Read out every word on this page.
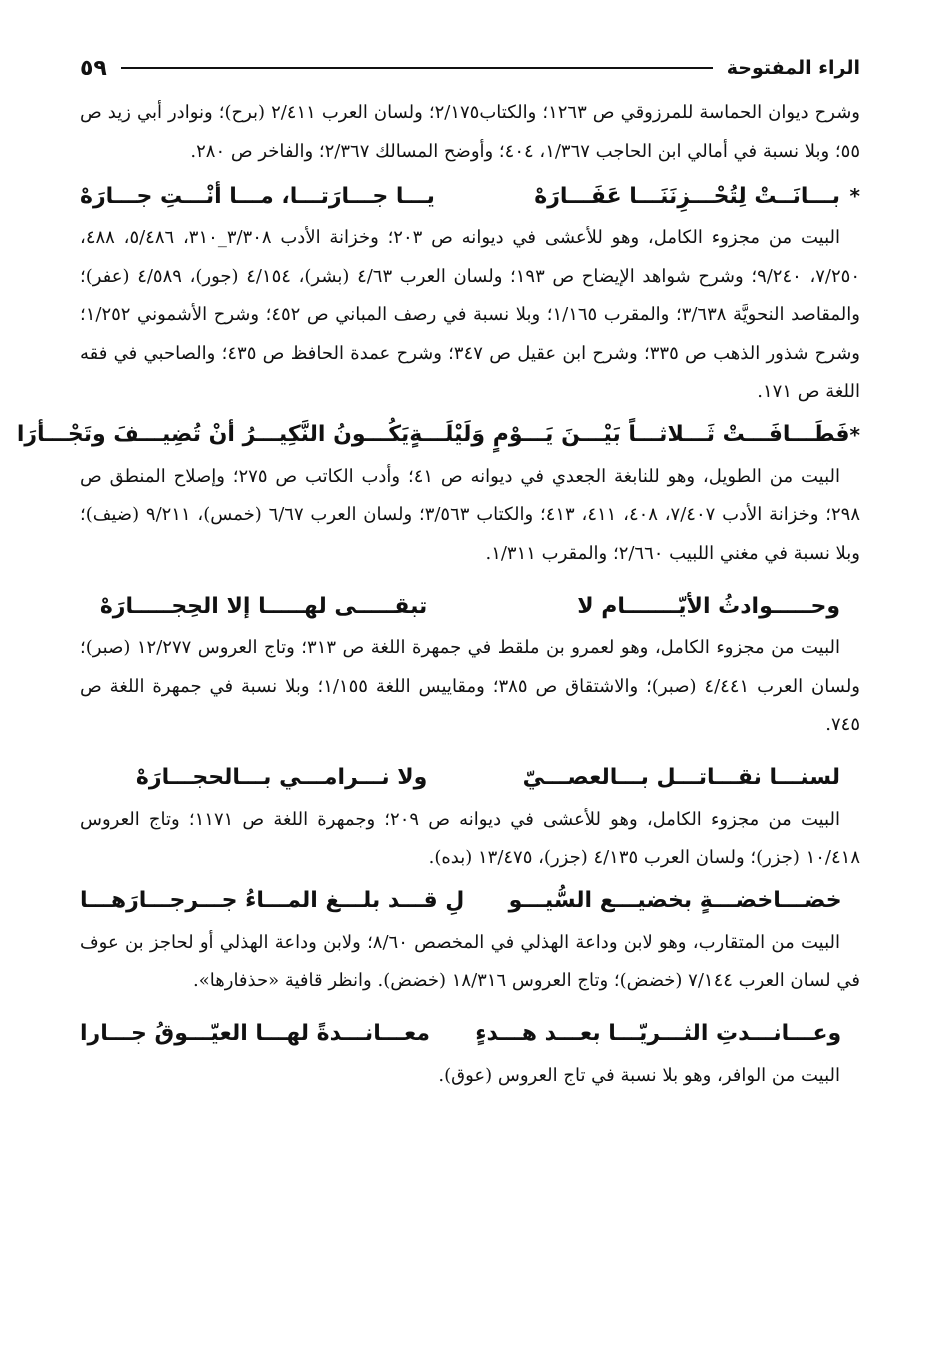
الراء المفتوحة
٥٩

وشرح ديوان الحماسة للمرزوقي ص ١٢٦٣؛ والكتاب٢/١٧٥؛ ولسان العرب ٢/٤١١ (برح)؛ ونوادر أبي زيد ص ٥٥؛ وبلا نسبة في أمالي ابن الحاجب ١/٣٦٧، ٤٠٤؛ وأوضح المسالك ٢/٣٦٧؛ والفاخر ص ٢٨٠.

*
بـــانَــتْ لِتُحْـــزِنَنَـــا عَفَـــارَهْ
يـــا جـــارَتـــا، مـــا أنْـــتِ جـــارَهْ

البيت من مجزوء الكامل، وهو للأعشى في ديوانه ص ٢٠٣؛ وخزانة الأدب ٣/٣٠٨_٣١٠، ٥/٤٨٦، ٤٨٨، ٧/٢٥٠، ٩/٢٤٠؛ وشرح شواهد الإيضاح ص ١٩٣؛ ولسان العرب ٤/٦٣ (بشر)، ٤/١٥٤ (جور)، ٤/٥٨٩ (عفر)؛ والمقاصد النحويَّة ٣/٦٣٨؛ والمقرب ١/١٦٥؛ وبلا نسبة في رصف المباني ص ٤٥٢؛ وشرح الأشموني ١/٢٥٢؛ وشرح شذور الذهب ص ٣٣٥؛ وشرح ابن عقيل ص ٣٤٧؛ وشرح عمدة الحافظ ص ٤٣٥؛ والصاحبي في فقه اللغة ص ١٧١.

*
فَطَـــافَـــتْ ثَـــلاثـــاً بَيْـــنَ يَـــوْمٍ وَلَيْلَـــةٍ
يَكُـــونُ النَّكِيـــرُ أنْ تُضِيـــفَ وتَجْـــأرَا

البيت من الطويل، وهو للنابغة الجعدي في ديوانه ص ٤١؛ وأدب الكاتب ص ٢٧٥؛ وإصلاح المنطق ص ٢٩٨؛ وخزانة الأدب ٧/٤٠٧، ٤٠٨، ٤١١، ٤١٣؛ والكتاب ٣/٥٦٣؛ ولسان العرب ٦/٦٧ (خمس)، ٩/٢١١ (ضيف)؛ وبلا نسبة في مغني اللبيب ٢/٦٦٠؛ والمقرب ١/٣١١.

وحـــــوادثُ الأيّـــــــام لا
تبقـــــى لهـــــا إلا الحِجـــــارَهْ

البيت من مجزوء الكامل، وهو لعمرو بن ملقط في جمهرة اللغة ص ٣١٣؛ وتاج العروس ١٢/٢٧٧ (صبر)؛ ولسان العرب ٤/٤٤١ (صبر)؛ والاشتقاق ص ٣٨٥؛ ومقاييس اللغة ١/١٥٥؛ وبلا نسبة في جمهرة اللغة ص ٧٤٥.

لسنـــا نقـــاتـــل بـــالعصـــيّ
ولا نـــرامـــي بـــالحجـــارَهْ

البيت من مجزوء الكامل، وهو للأعشى في ديوانه ص ٢٠٩؛ وجمهرة اللغة ص ١١٧١؛ وتاج العروس ١٠/٤١٨ (جزر)؛ ولسان العرب ٤/١٣٥ (جزر)، ١٣/٤٧٥ (بده).

خضـــاخضـــةٍ بخضيـــع السُّيـــو
لِ قـــد بلـــغ المـــاءُ جـــرجـــارَهـــا

البيت من المتقارب، وهو لابن وداعة الهذلي في المخصص ٨/٦٠؛ ولابن وداعة الهذلي أو لحاجز بن عوف في لسان العرب ٧/١٤٤ (خضض)؛ وتاج العروس ١٨/٣١٦ (خضض). وانظر قافية «حذفارها».

وعـــانـــدتِ الثـــريّـــا بعـــد هـــدءٍ
معـــانـــدةً لهـــا العيّـــوقُ جـــارا

البيت من الوافر، وهو بلا نسبة في تاج العروس (عوق).
